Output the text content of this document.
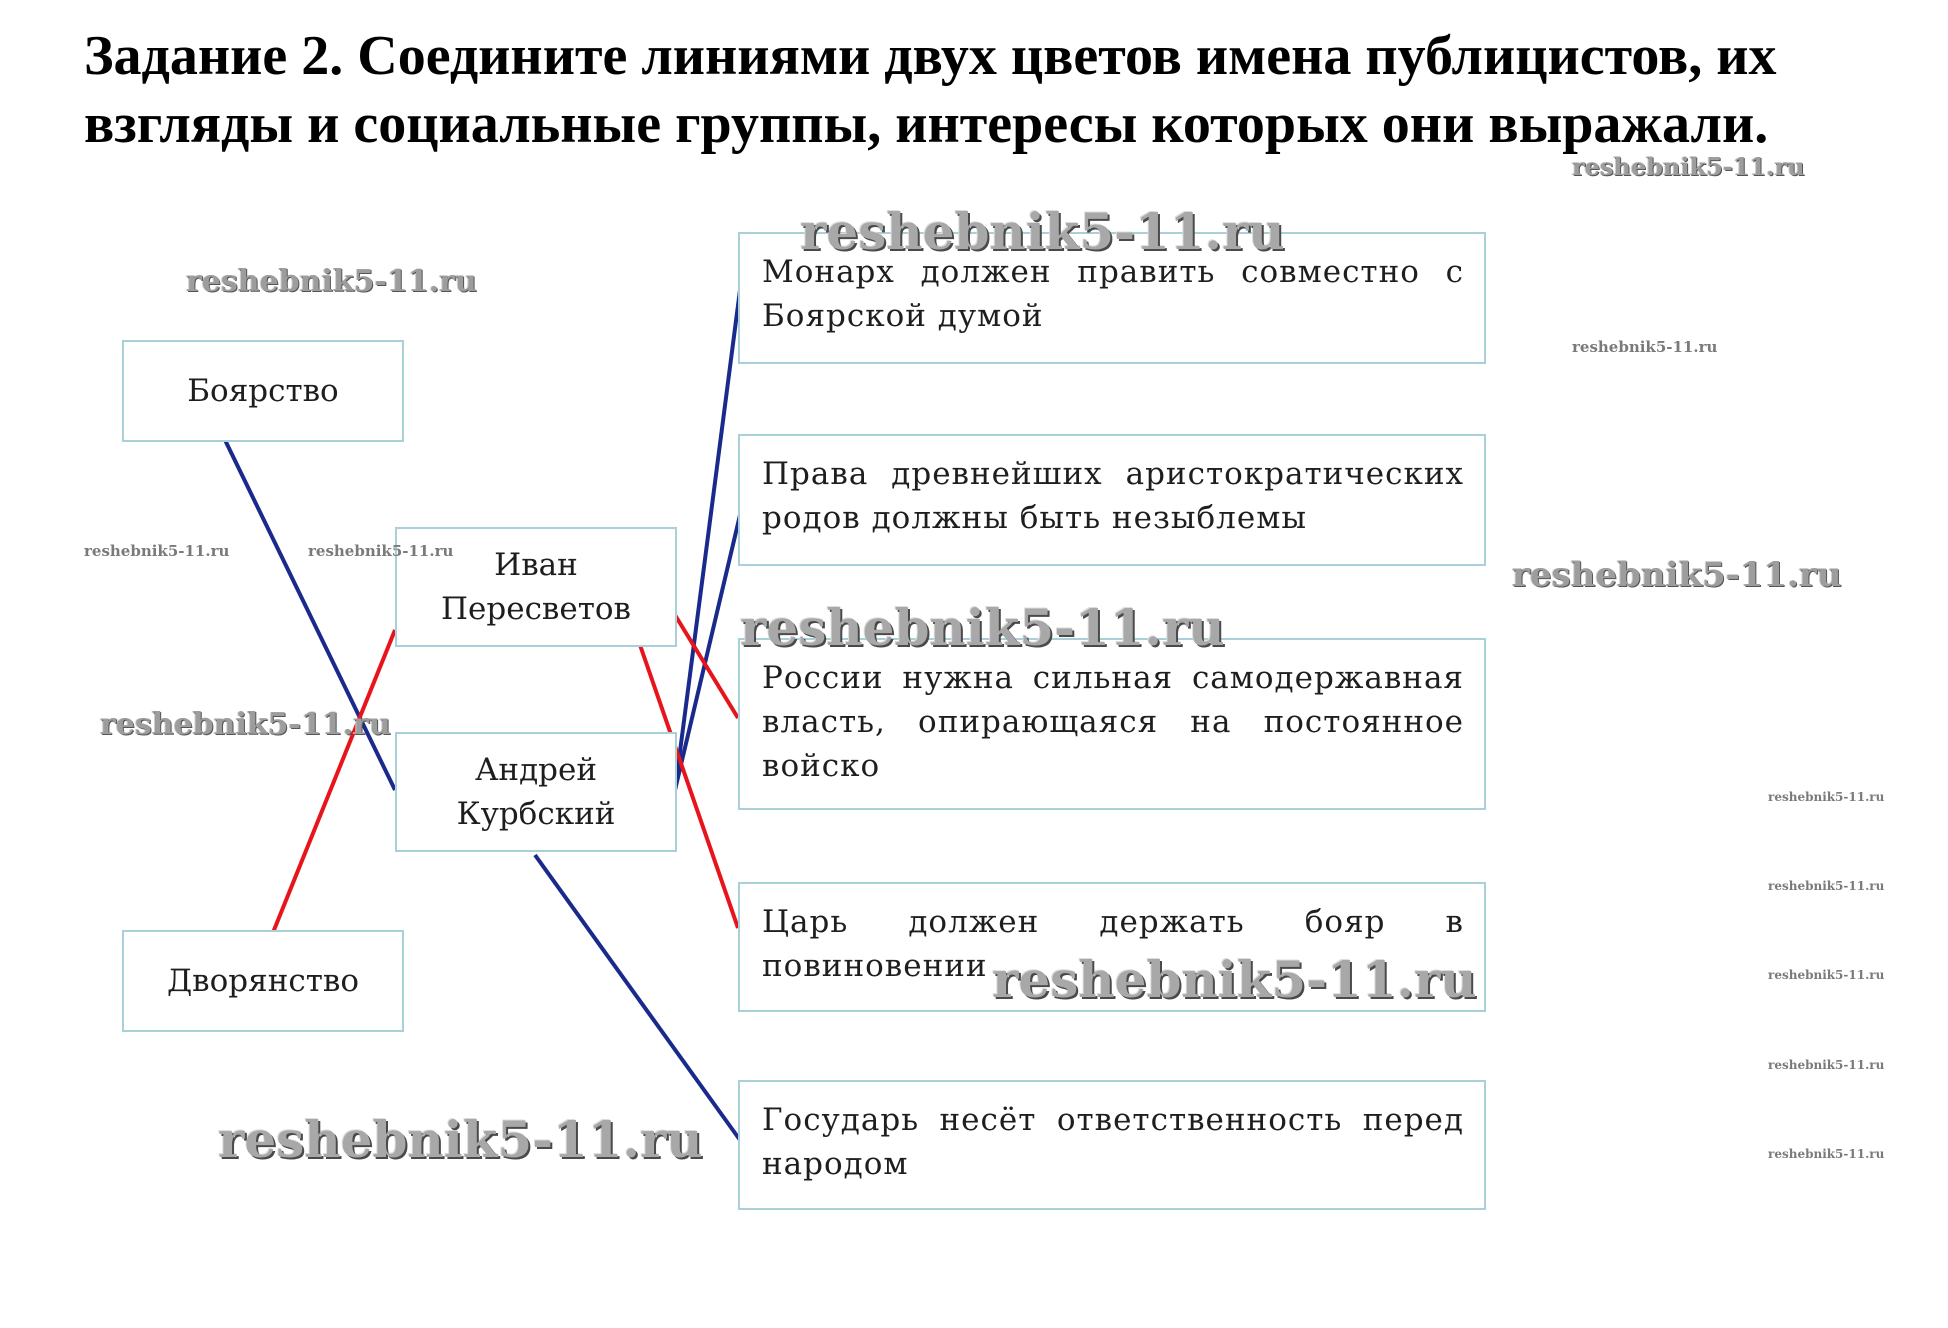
Задание 2. Соедините линиями двух цветов имена публицистов, их взгляды и социальные группы, интересы которых они выражали.
Боярство
Дворянство
Иван Пересветов
Андрей Курбский
Монарх должен править совместно с Боярской думой
Права древнейших аристократических родов должны быть незыблемы
России нужна сильная самодержавная власть, опирающаяся на постоянное войско
Царь должен держать бояр в повиновении
Государь несёт ответственность перед народом
reshebnik5-11.ru
reshebnik5-11.ru
reshebnik5-11.ru
reshebnik5-11.ru
reshebnik5-11.ru	reshebnik5-11.ru
reshebnik5-11.ru
reshebnik5-11.ru
reshebnik5-11.ru
reshebnik5-11.ru
reshebnik5-11.ru
reshebnik5-11.ru	reshebnik5-11.ru
reshebnik5-11.ru
reshebnik5-11.ru	reshebnik5-11.ru
